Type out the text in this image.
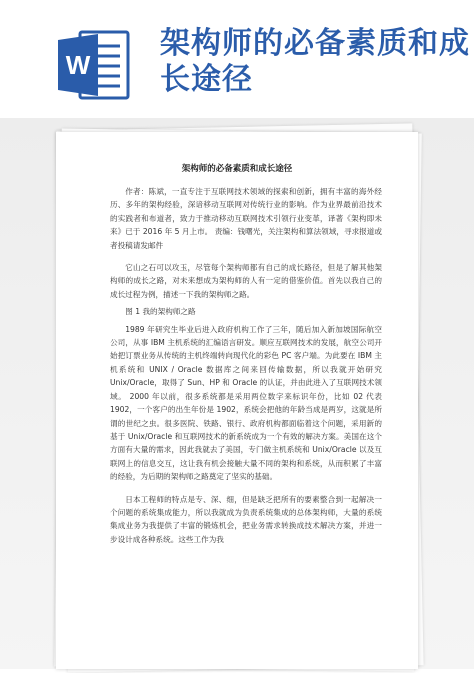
W
架构师的必备素质和成长途径
架构师的必备素质和成长途径

作者：陈斌，一直专注于互联网技术领域的探索和创新，拥有丰富的海外经历、多年的架构经验，深谙移动互联网对传统行业的影响。作为业界最前沿技术的实践者和布道者，致力于推动移动互联网技术引领行业变革，译著《架构即未来》已于 2016 年 5 月上市。 责编：钱曙光，关注架构和算法领域，寻求报道或者投稿请发邮件

它山之石可以攻玉，尽管每个架构师都有自己的成长路径，但是了解其他架构师的成长之路，对未来想成为架构师的人有一定的借鉴价值。首先以我自己的成长过程为例，描述一下我的架构师之路。

图 1 我的架构师之路

1989 年研究生毕业后进入政府机构工作了三年，随后加入新加坡国际航空公司，从事 IBM 主机系统的汇编语言研发。顺应互联网技术的发展，航空公司开始把订票业务从传统的主机终端转向现代化的彩色 PC 客户端。为此要在 IBM 主机系统和 UNIX / Oracle 数据库之间来回传输数据，所以我就开始研究 Unix/Oracle，取得了 Sun、HP 和 Oracle 的认证，并由此进入了互联网技术领域。 2000 年以前，很多系统都是采用两位数字来标识年份，比如 02 代表 1902，一个客户的出生年份是 1902，系统会把他的年龄当成是两岁，这就是所谓的世纪之虫。很多医院、铁路、银行、政府机构都面临着这个问题，采用新的基于 Unix/Oracle 和互联网技术的新系统成为一个有效的解决方案。美国在这个方面有大量的需求，因此我就去了美国，专门做主机系统和 Unix/Oracle 以及互联网上的信息交互，这让我有机会接触大量不同的架构和系统，从而积累了丰富的经验，为后期的架构师之路奠定了坚实的基础。

日本工程师的特点是专、深、细，但是缺乏把所有的要素整合到一起解决一个问题的系统集成能力，所以我就成为负责系统集成的总体架构师，大量的系统集成业务为我提供了丰富的锻炼机会，把业务需求转换成技术解决方案，并进一步设计成各种系统。这些工作为我
